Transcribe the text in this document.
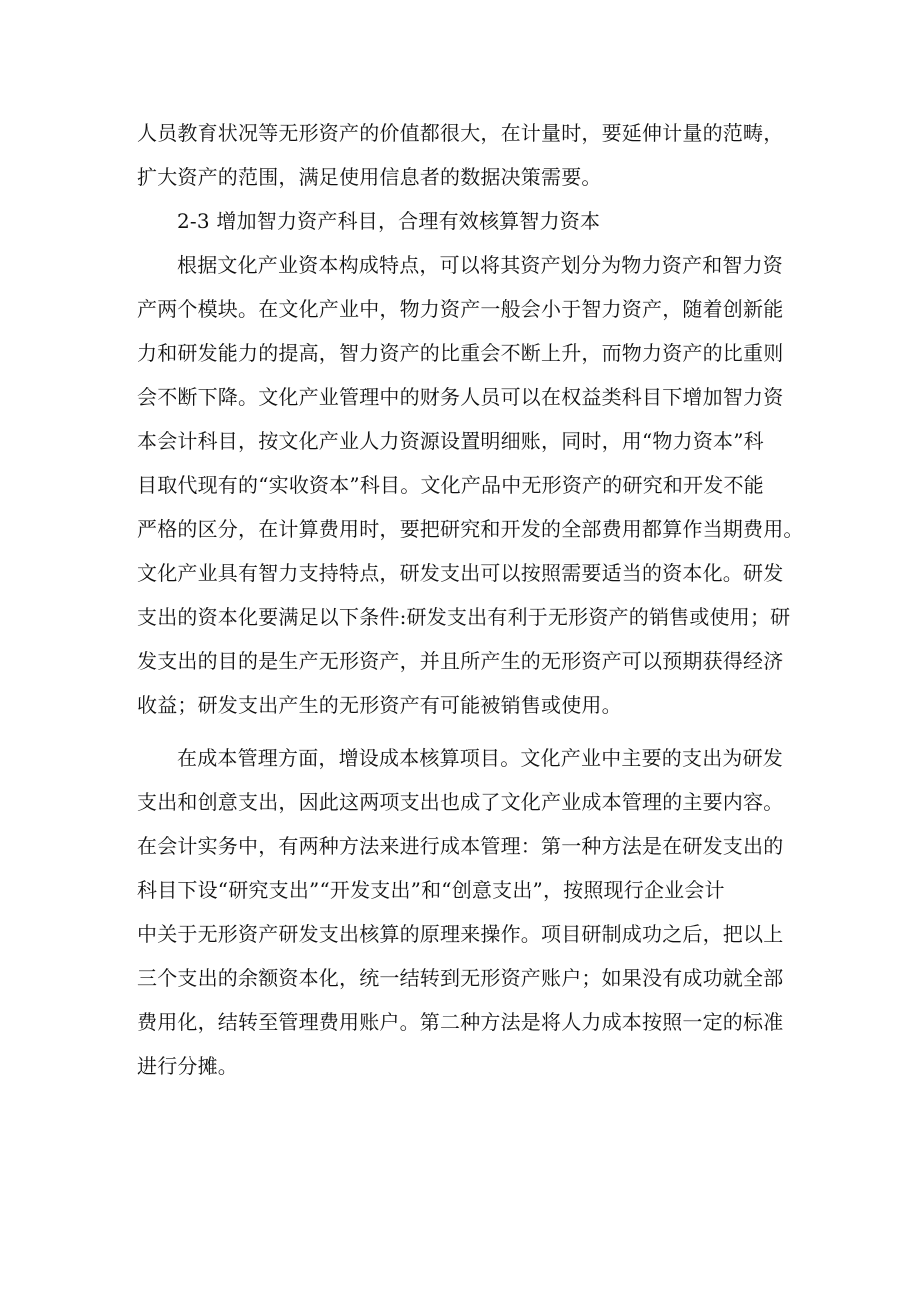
人员教育状况等无形资产的价值都很大，在计量时，要延伸计量的范畴，

扩大资产的范围，满足使用信息者的数据决策需要。

2-3 增加智力资产科目，合理有效核算智力资本

根据文化产业资本构成特点，可以将其资产划分为物力资产和智力资

产两个模块。在文化产业中，物力资产一般会小于智力资产，随着创新能

力和研发能力的提高，智力资产的比重会不断上升，而物力资产的比重则

会不断下降。文化产业管理中的财务人员可以在权益类科目下增加智力资

本会计科目，按文化产业人力资源设置明细账，同时，用“物力资本”科

目取代现有的“实收资本”科目。文化产品中无形资产的研究和开发不能

严格的区分，在计算费用时，要把研究和开发的全部费用都算作当期费用。

文化产业具有智力支持特点，研发支出可以按照需要适当的资本化。研发

支出的资本化要满足以下条件:研发支出有利于无形资产的销售或使用；研

发支出的目的是生产无形资产，并且所产生的无形资产可以预期获得经济

收益；研发支出产生的无形资产有可能被销售或使用。

在成本管理方面，增设成本核算项目。文化产业中主要的支出为研发

支出和创意支出，因此这两项支出也成了文化产业成本管理的主要内容。

在会计实务中，有两种方法来进行成本管理：第一种方法是在研发支出的

科目下设“研究支出”“开发支出”和“创意支出”，按照现行企业会计

中关于无形资产研发支出核算的原理来操作。项目研制成功之后，把以上

三个支出的余额资本化，统一结转到无形资产账户；如果没有成功就全部

费用化，结转至管理费用账户。第二种方法是将人力成本按照一定的标准

进行分摊。
